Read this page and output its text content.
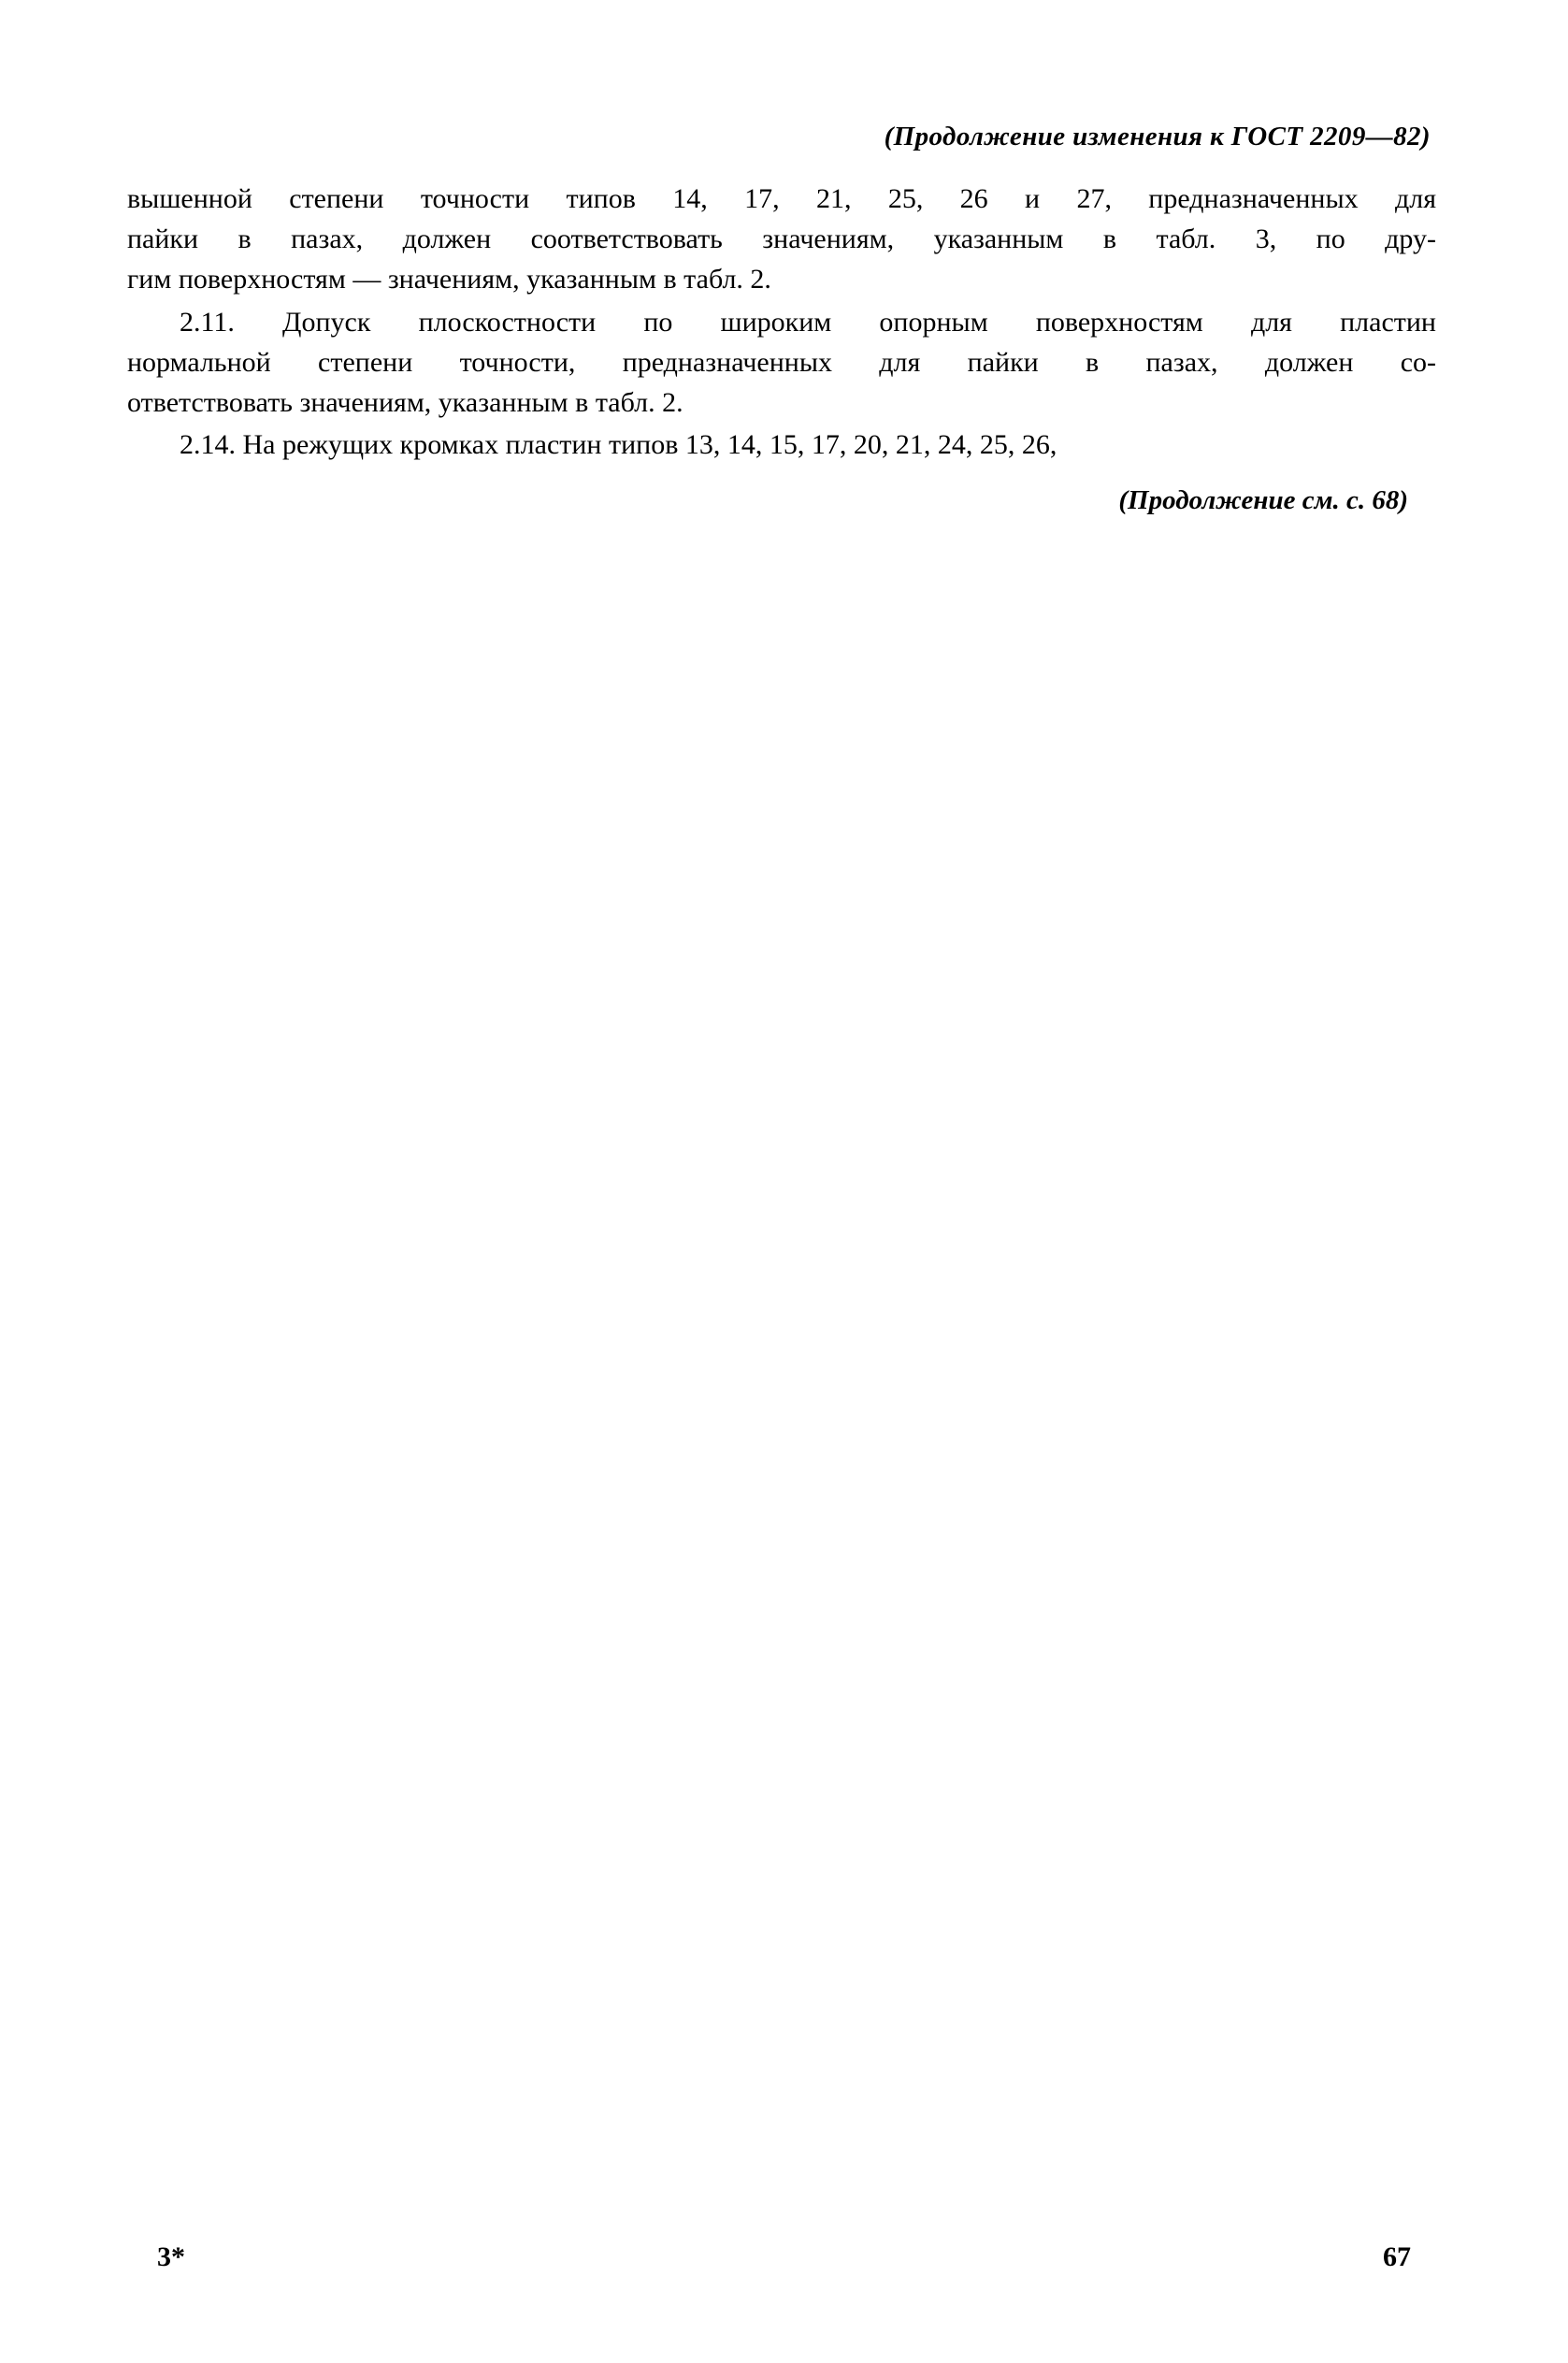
(Продолжение изменения к ГОСТ 2209—82)

вышенной степени точности типов 14, 17, 21, 25, 26 и 27, предназначенных для пайки в пазах, должен соответствовать значениям, указанным в табл. 3, по дру- гим поверхностям — значениям, указанным в табл. 2.

2.11. Допуск плоскостности по широким опорным поверхностям для пластин нормальной степени точности, предназначенных для пайки в пазах, должен со- ответствовать значениям, указанным в табл. 2.

2.14. На режущих кромках пластин типов 13, 14, 15, 17, 20, 21, 24, 25, 26,

(Продолжение см. с. 68)
3*	67
